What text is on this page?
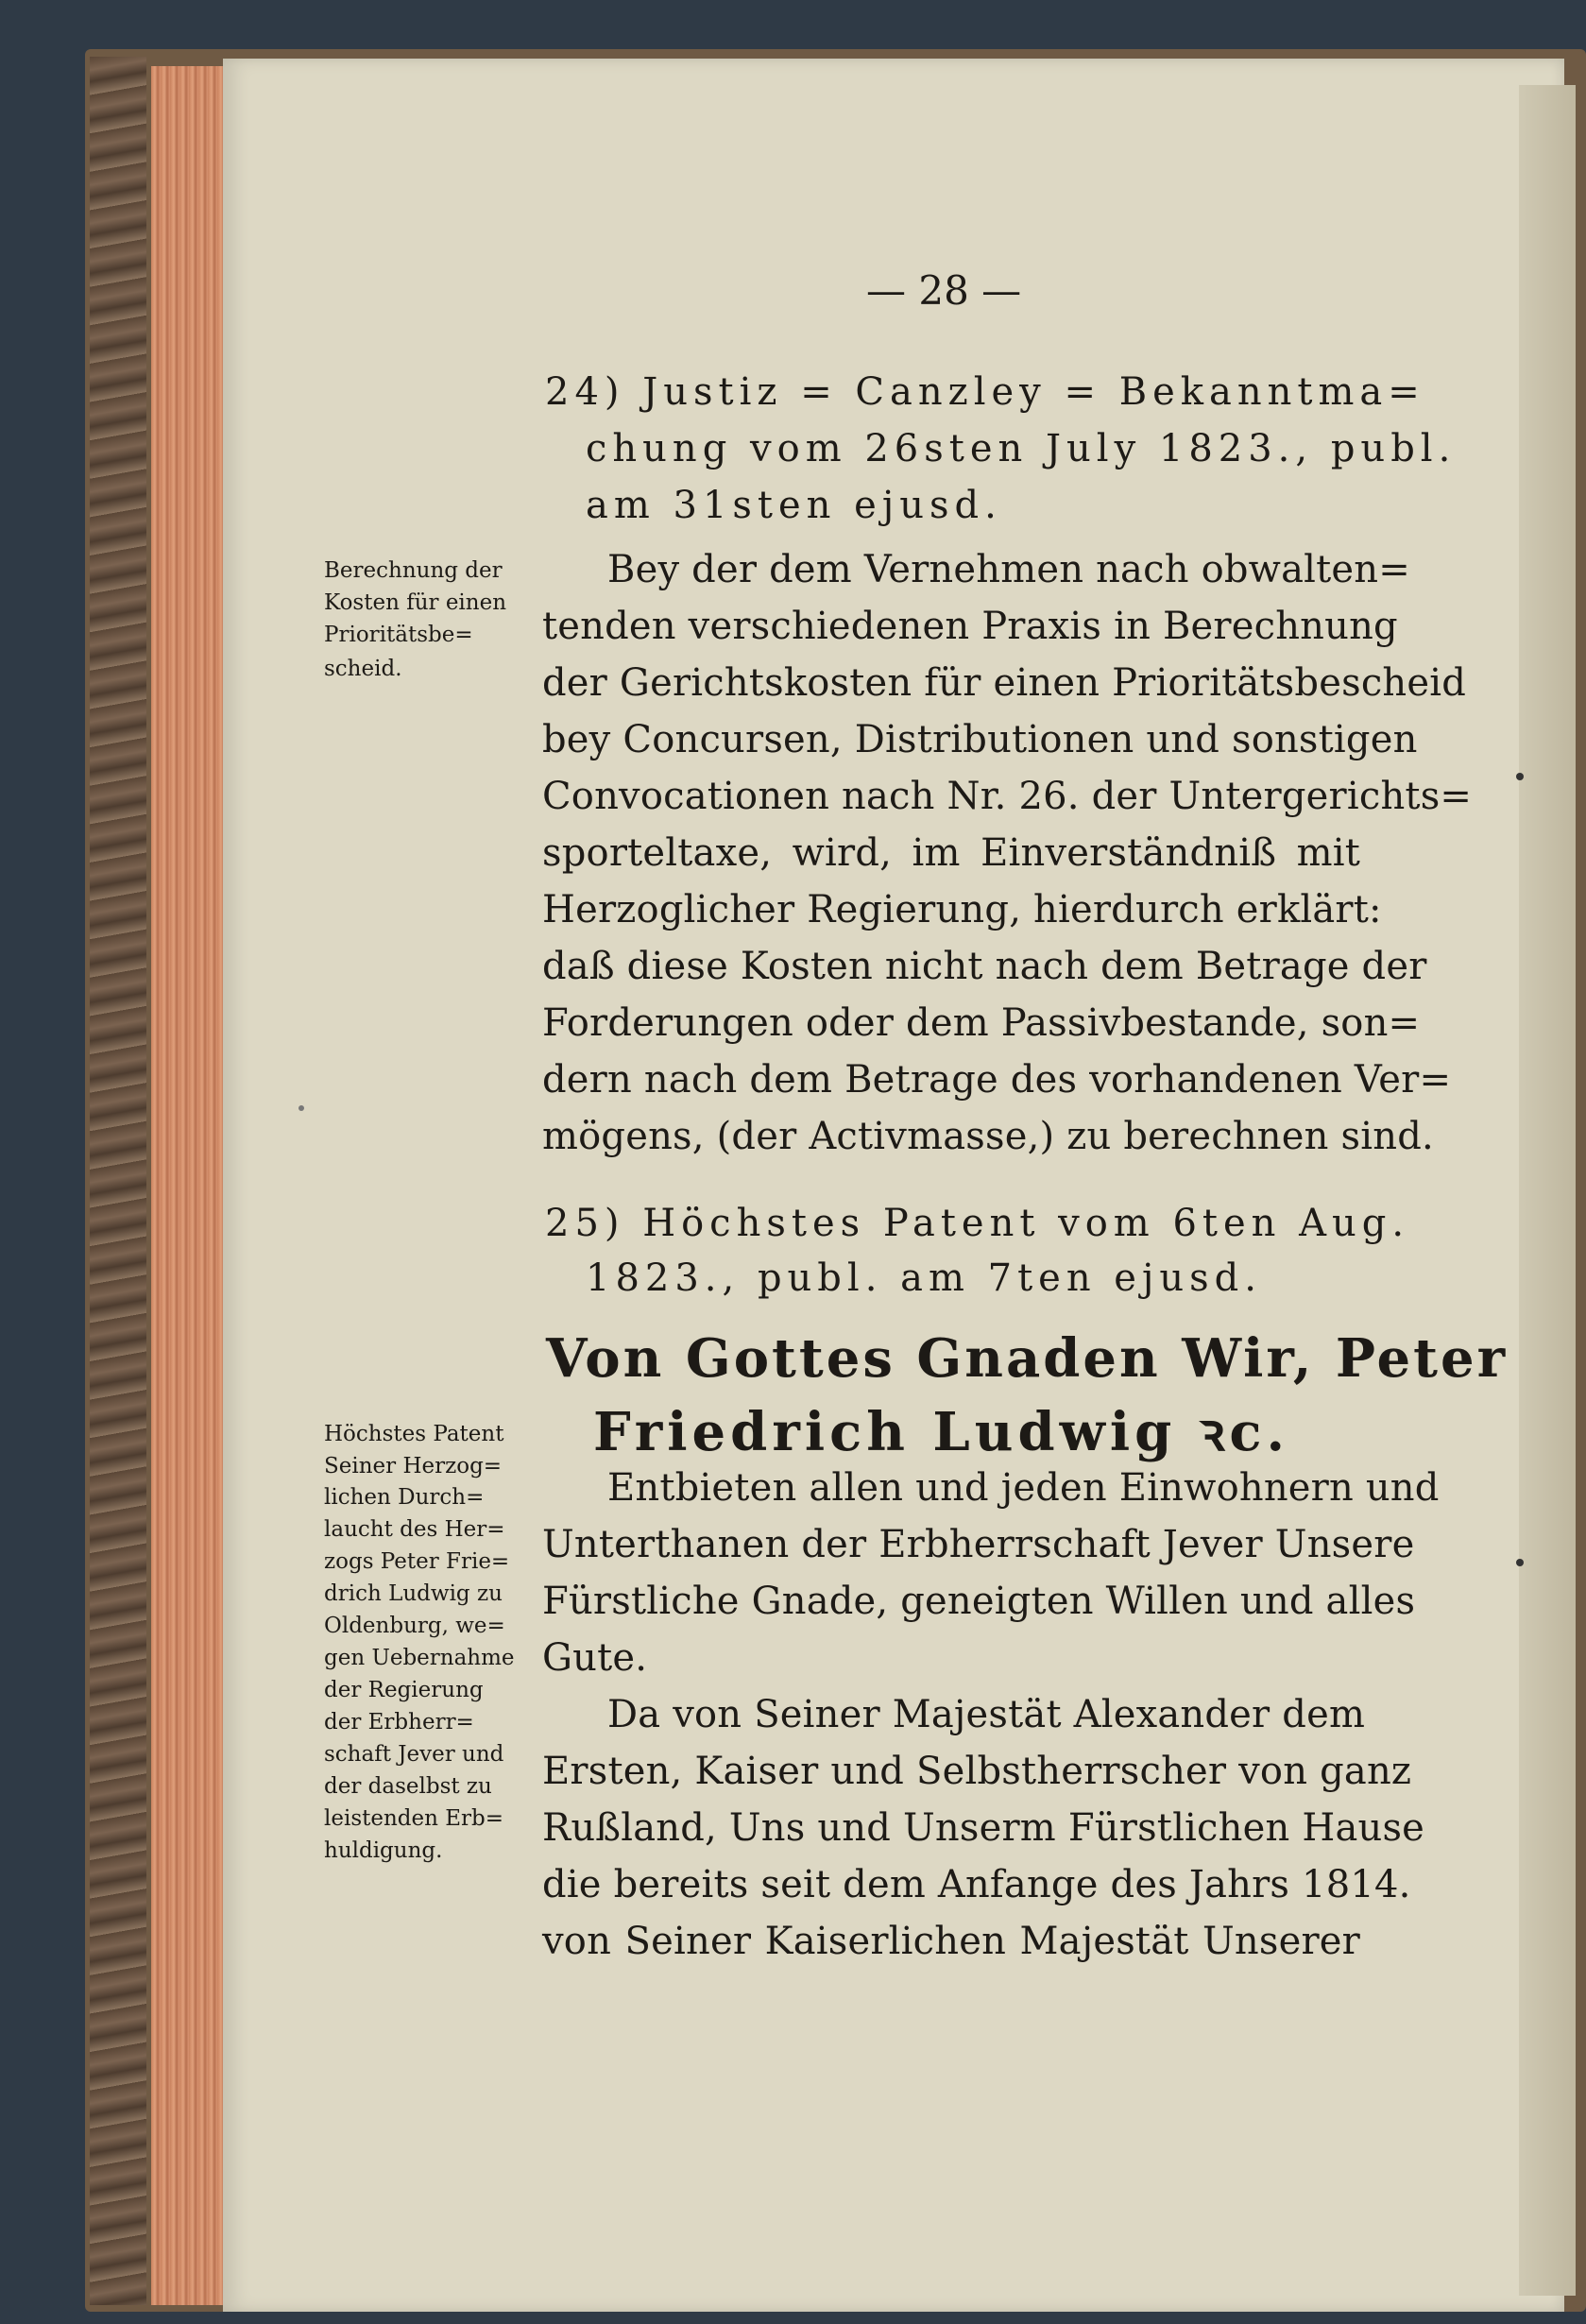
— 28 —
24) Justiz = Canzley = Bekanntma=
chung vom 26sten July 1823., publ.
am 31sten ejusd.
Berechnung der
Kosten für einen
Prioritätsbe=
scheid.
Bey der dem Vernehmen nach obwalten=
tenden verschiedenen Praxis in Berechnung
der Gerichtskosten für einen Prioritätsbescheid
bey Concursen, Distributionen und sonstigen
Convocationen nach Nr. 26. der Untergerichts=
sporteltaxe, wird, im Einverständniß mit
Herzoglicher Regierung, hierdurch erklärt:
daß diese Kosten nicht nach dem Betrage der
Forderungen oder dem Passivbestande, son=
dern nach dem Betrage des vorhandenen Ver=
mögens, (der Activmasse,) zu berechnen sind.
25) Höchstes Patent vom 6ten Aug.
1823., publ. am 7ten ejusd.
Von Gottes Gnaden Wir, Peter
Friedrich Ludwig ꝛc.
Höchstes Patent
Seiner Herzog=
lichen Durch=
laucht des Her=
zogs Peter Frie=
drich Ludwig zu
Oldenburg, we=
gen Uebernahme
der Regierung
der Erbherr=
schaft Jever und
der daselbst zu
leistenden Erb=
huldigung.
Entbieten allen und jeden Einwohnern und
Unterthanen der Erbherrschaft Jever Unsere
Fürstliche Gnade, geneigten Willen und alles
Gute.
Da von Seiner Majestät Alexander dem
Ersten, Kaiser und Selbstherrscher von ganz
Rußland, Uns und Unserm Fürstlichen Hause
die bereits seit dem Anfange des Jahrs 1814.
von Seiner Kaiserlichen Majestät Unserer
